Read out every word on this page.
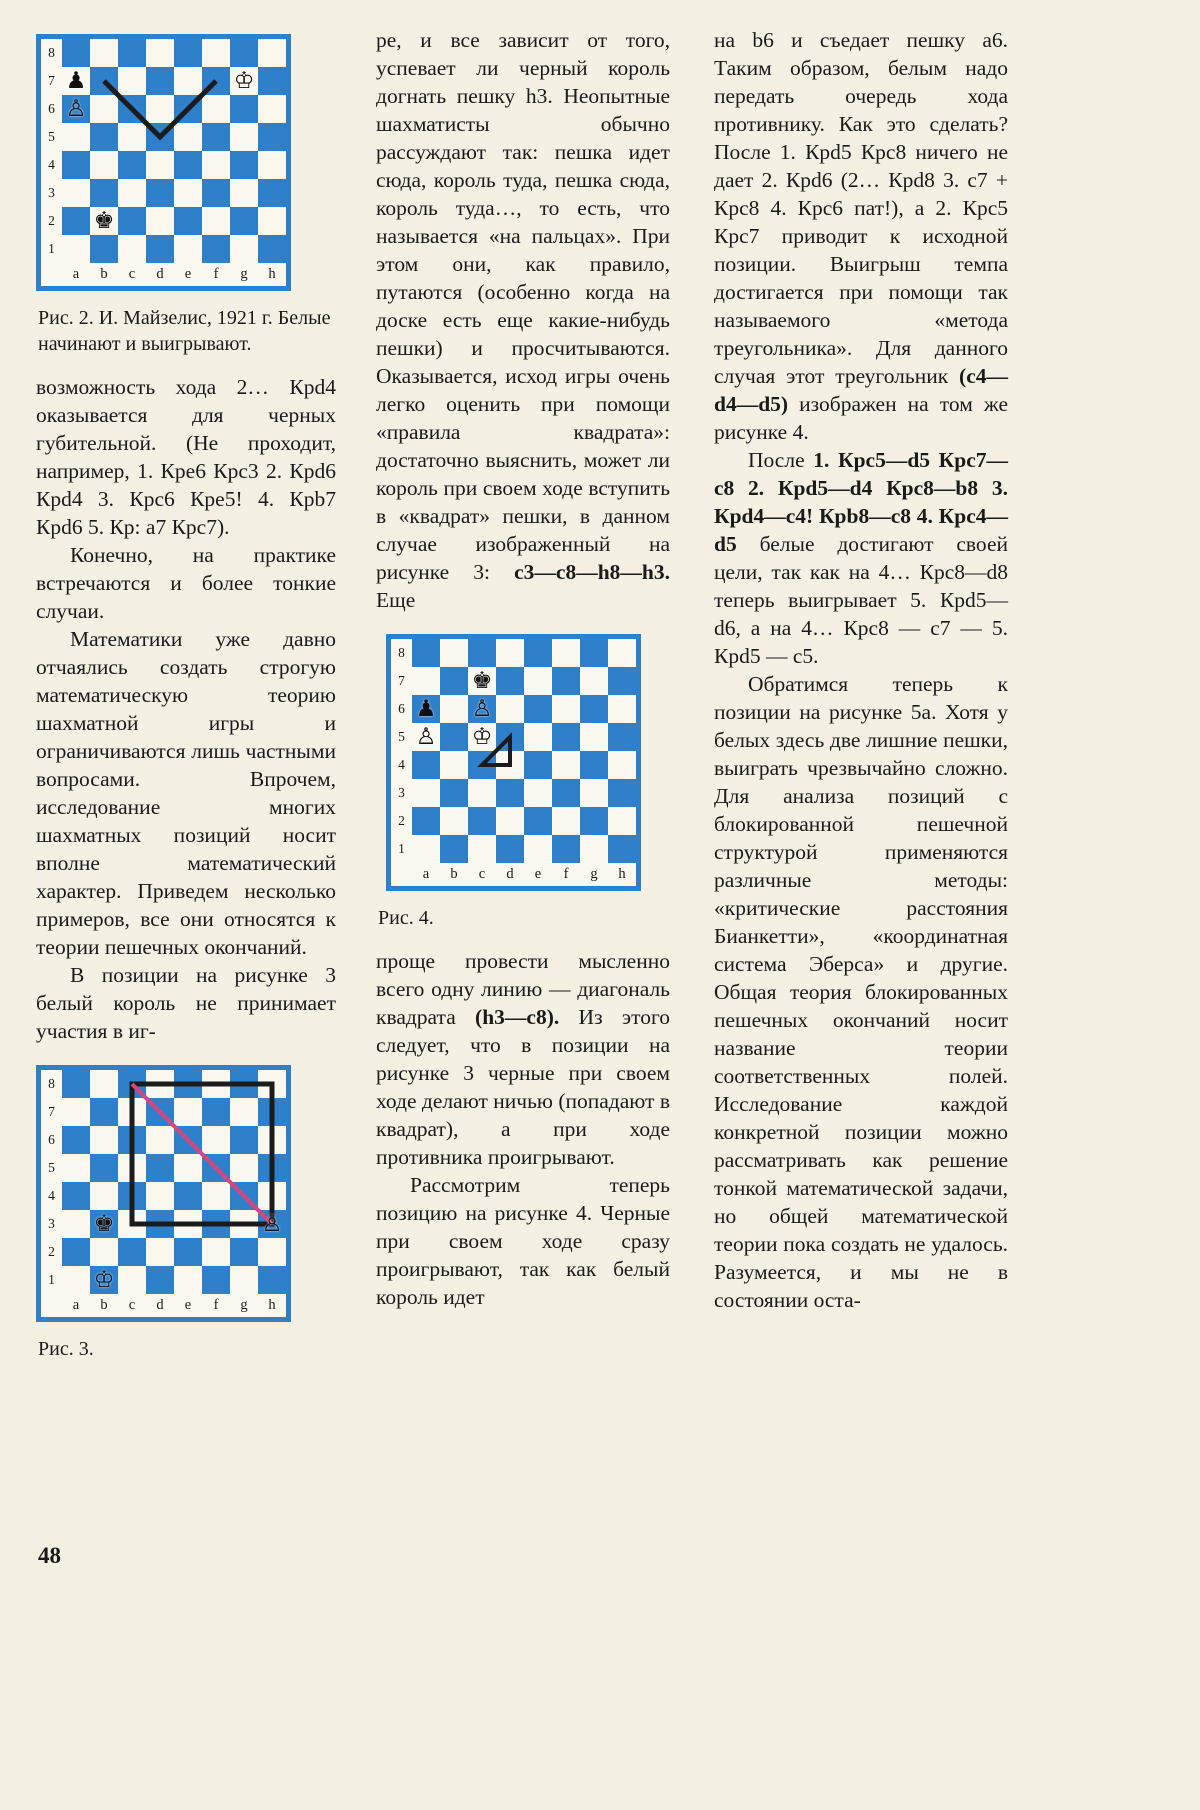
8
7
6
5
4
3
2
1
♟
♙
♔
♚
a	b	c	d	e	f	g	h
Рис. 2. И. Майзелис, 1921 г. Белые начинают и выигрывают.

возможность хода 2… Крd4 оказывается для черных губительной. (Не проходит, например, 1. Кре6 Крс3 2. Крd6 Крd4 3. Крс6 Кре5! 4. Крb7 Крd6 5. Кр: а7 Крс7).

Конечно, на практике встречаются и более тонкие случаи.

Математики уже давно отчаялись создать строгую математическую теорию шахматной игры и ограничиваются лишь частными вопросами. Впрочем, исследование многих шахматных позиций носит вполне математический характер. Приведем несколько примеров, все они относятся к теории пешечных окончаний.

В позиции на рисунке 3 белый король не принимает участия в иг-

8
7
6
5
4
3
2
1
♚	♙
♔
a	b	c	d	e	f	g	h
Рис. 3.

ре, и все зависит от того, успевает ли черный король догнать пешку h3. Неопытные шахматисты обычно рассуждают так: пешка идет сюда, король туда, пешка сюда, король туда…, то есть, что называется «на пальцах». При этом они, как правило, путаются (особенно когда на доске есть еще какие-нибудь пешки) и просчитываются. Оказывается, исход игры очень легко оценить при помощи «правила квадрата»: достаточно выяснить, может ли король при своем ходе вступить в «квадрат» пешки, в данном случае изображенный на рисунке 3: c3—c8—h8—h3. Еще

8
7
6
5
4
3
2
1
♚
♟ ♙
♙ ♔
a	b	c	d	e	f	g	h
Рис. 4.

проще провести мысленно всего одну линию — диагональ квадрата (h3—c8). Из этого следует, что в позиции на рисунке 3 черные при своем ходе делают ничью (попадают в квадрат), а при ходе противника проигрывают.

Рассмотрим теперь позицию на рисунке 4. Черные при своем ходе сразу проигрывают, так как белый король идет

на b6 и съедает пешку а6. Таким образом, белым надо передать очередь хода противнику. Как это сделать? После 1. Крd5 Крс8 ничего не дает 2. Крd6 (2… Крd8 3. с7 + Крс8 4. Крс6 пат!), а 2. Крс5 Крс7 приводит к исходной позиции. Выигрыш темпа достигается при помощи так называемого «метода треугольника». Для данного случая этот треугольник (с4—d4—d5) изображен на том же рисунке 4.

После 1. Крс5—d5 Крс7—с8 2. Крd5—d4 Крс8—b8 3. Крd4—с4! Крb8—с8 4. Крс4—d5 белые достигают своей цели, так как на 4… Крс8—d8 теперь выигрывает 5. Крd5—d6, а на 4… Крс8 — с7 — 5. Крd5 — с5.

Обратимся теперь к позиции на рисунке 5а. Хотя у белых здесь две лишние пешки, выиграть чрезвычайно сложно. Для анализа позиций с блокированной пешечной структурой применяются различные методы: «критические расстояния Бианкетти», «координатная система Эберса» и другие. Общая теория блокированных пешечных окончаний носит название теории соответственных полей. Исследование каждой конкретной позиции можно рассматривать как решение тонкой математической задачи, но общей математической теории пока создать не удалось. Разумеется, и мы не в состоянии оста-

48
